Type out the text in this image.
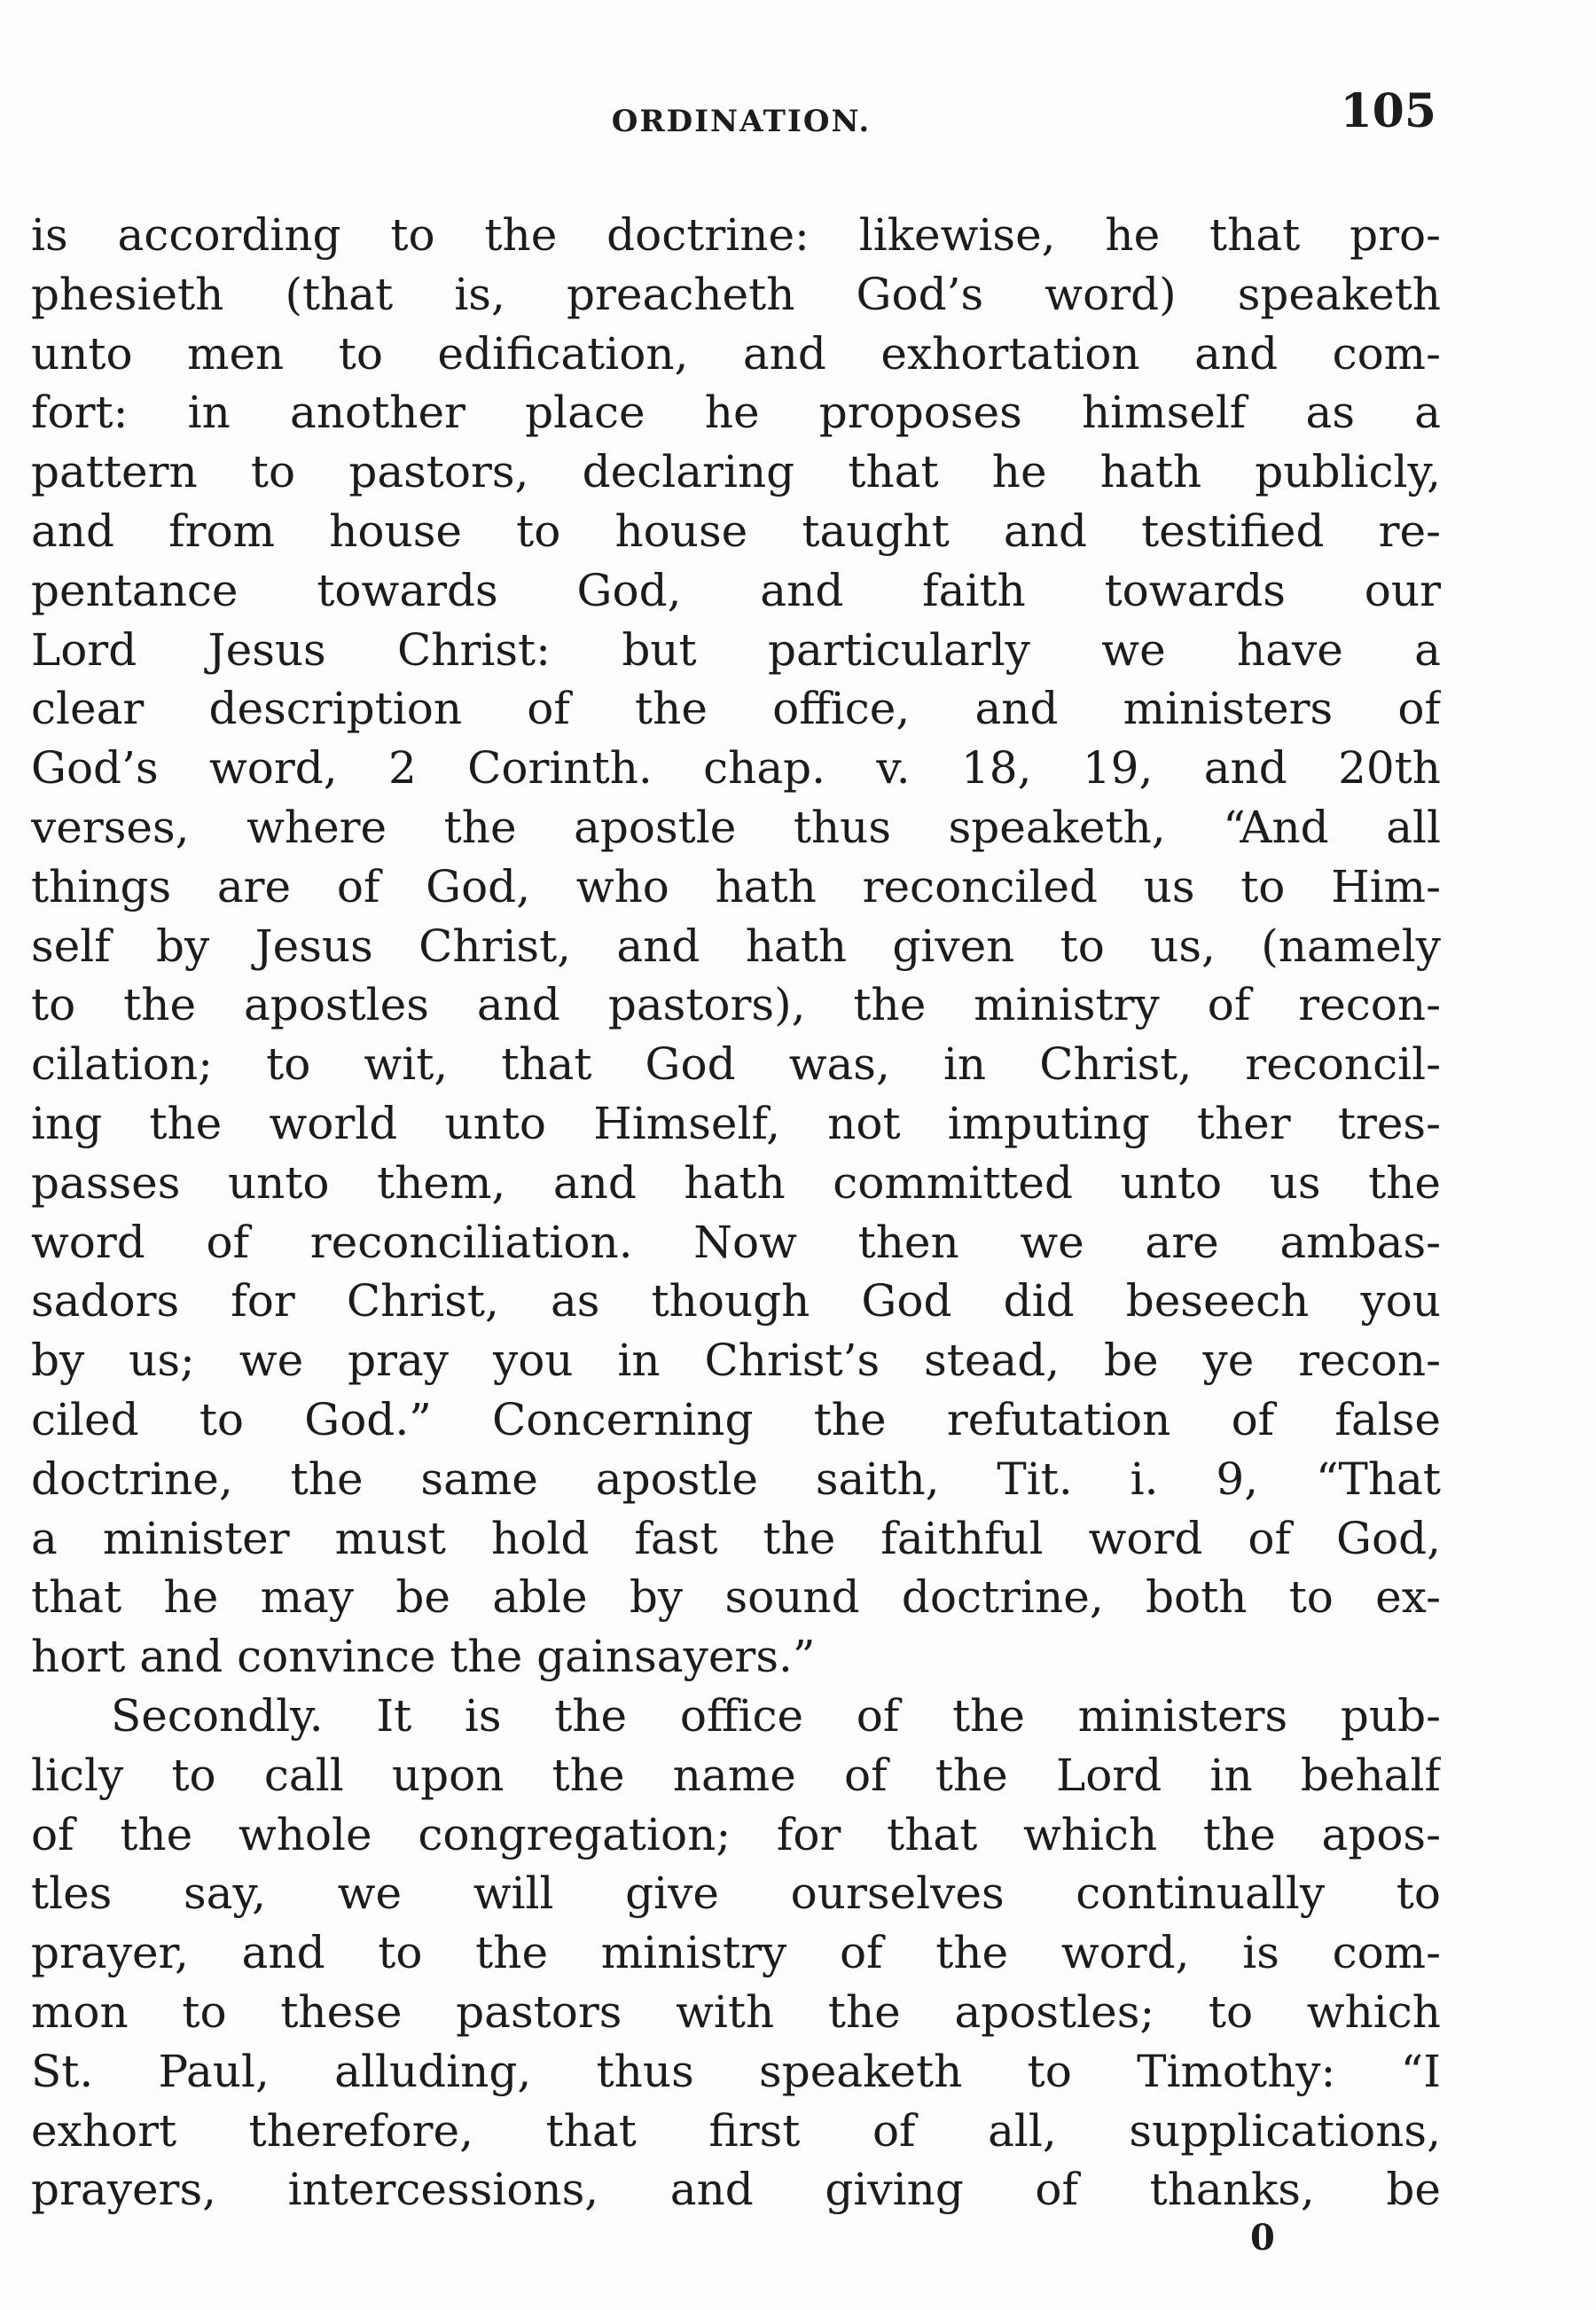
ORDINATION.	105
is according to the doctrine: likewise, he that pro-
phesieth (that is, preacheth God’s word) speaketh
unto men to edification, and exhortation and com-
fort: in another place he proposes himself as a
pattern to pastors, declaring that he hath publicly,
and from house to house taught and testified re-
pentance towards God, and faith towards our
Lord Jesus Christ: but particularly we have a
clear description of the office, and ministers of
God’s word, 2 Corinth. chap. v. 18, 19, and 20th
verses, where the apostle thus speaketh, “And all
things are of God, who hath reconciled us to Him-
self by Jesus Christ, and hath given to us, (namely
to the apostles and pastors), the ministry of recon-
cilation; to wit, that God was, in Christ, reconcil-
ing the world unto Himself, not imputing ther tres-
passes unto them, and hath committed unto us the
word of reconciliation. Now then we are ambas-
sadors for Christ, as though God did beseech you
by us; we pray you in Christ’s stead, be ye recon-
ciled to God.” Concerning the refutation of false
doctrine, the same apostle saith, Tit. i. 9, “That
a minister must hold fast the faithful word of God,
that he may be able by sound doctrine, both to ex-
hort and convince the gainsayers.”
Secondly. It is the office of the ministers pub-
licly to call upon the name of the Lord in behalf
of the whole congregation; for that which the apos-
tles say, we will give ourselves continually to
prayer, and to the ministry of the word, is com-
mon to these pastors with the apostles; to which
St. Paul, alluding, thus speaketh to Timothy: “I
exhort therefore, that first of all, supplications,
prayers, intercessions, and giving of thanks, be
0
